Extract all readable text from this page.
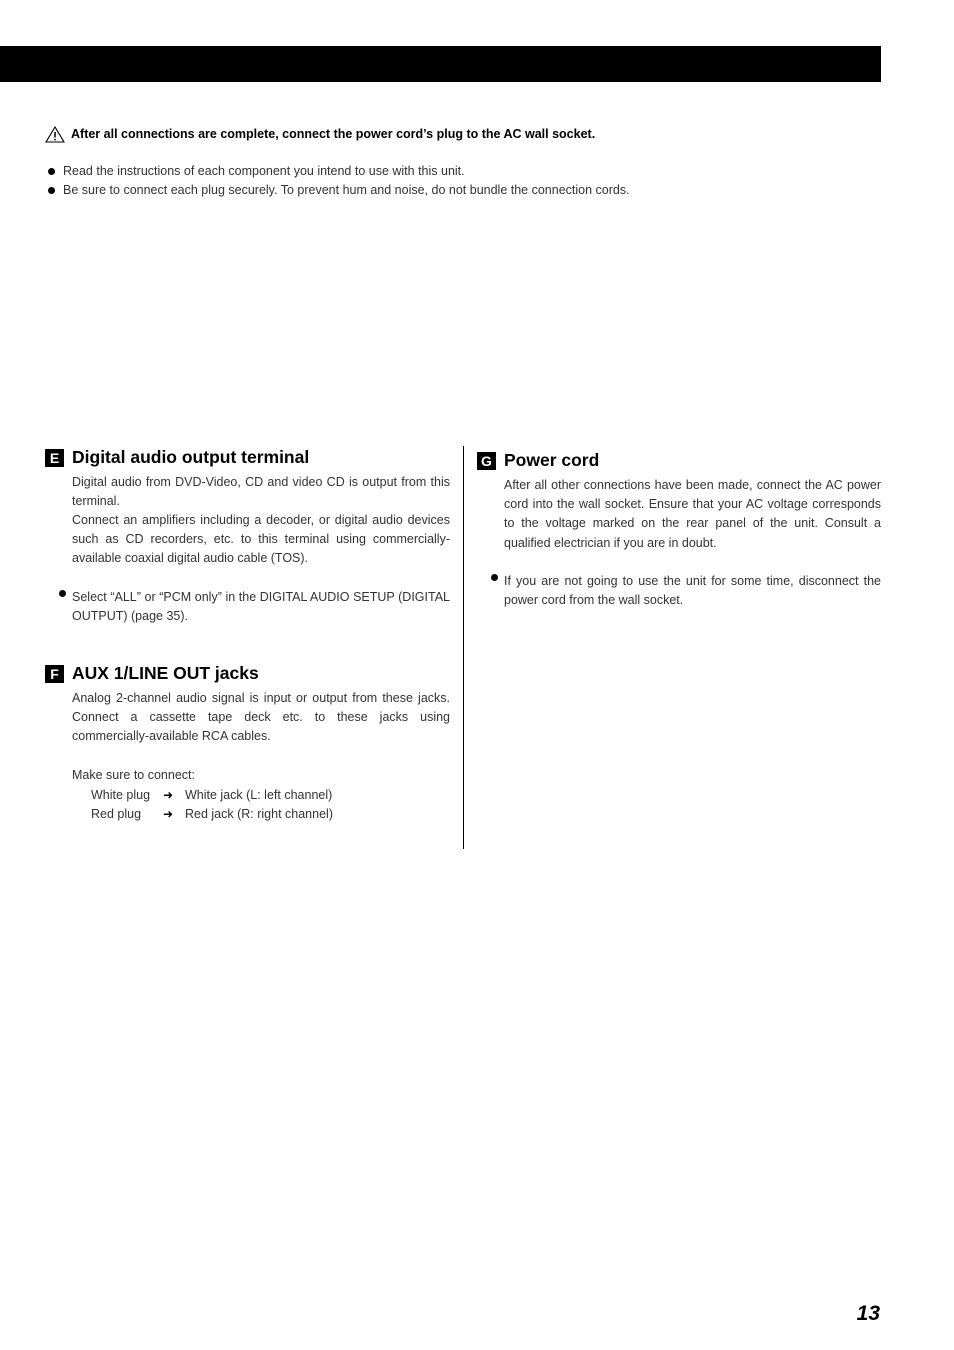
After all connections are complete, connect the power cord’s plug to the AC wall socket.
Read the instructions of each component you intend to use with this unit.
Be sure to connect each plug securely. To prevent hum and noise, do not bundle the connection cords.
E Digital audio output terminal

Digital audio from DVD-Video, CD and video CD is output from this terminal.

Connect an amplifiers including a decoder, or digital audio devices such as CD recorders, etc. to this terminal using commercially-available coaxial digital audio cable (TOS).

Select “ALL” or “PCM only” in the DIGITAL AUDIO SETUP (DIGITAL OUTPUT) (page 35).
F AUX 1/LINE OUT jacks

Analog 2-channel audio signal is input or output from these jacks. Connect a cassette tape deck etc. to these jacks using commercially-available RCA cables.

Make sure to connect:

White plug	➜ White jack (L: left channel)
Red plug	➜ Red jack (R: right channel)
G Power cord

After all other connections have been made, connect the AC power cord into the wall socket. Ensure that your AC voltage corresponds to the voltage marked on the rear panel of the unit. Consult a qualified electrician if you are in doubt.

If you are not going to use the unit for some time, disconnect the power cord from the wall socket.
13
